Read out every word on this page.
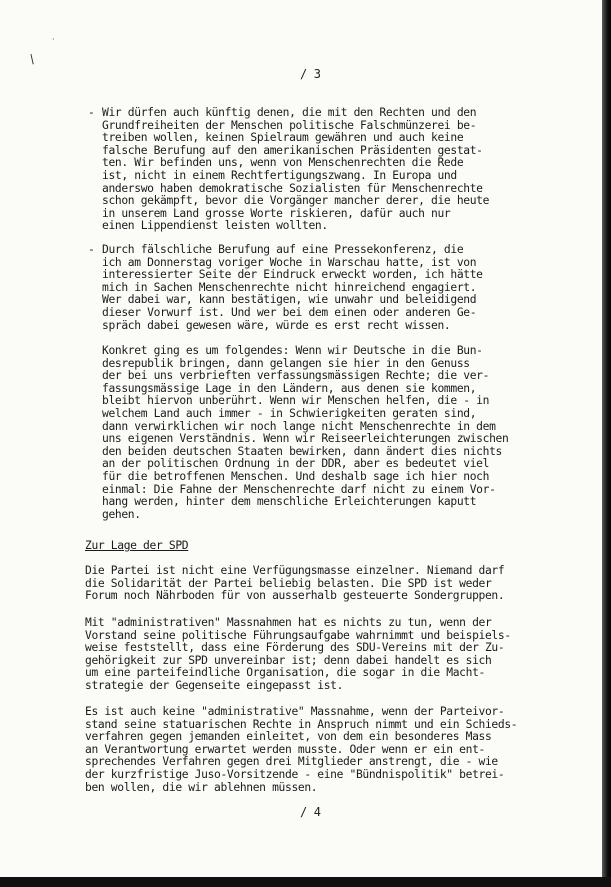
/
·
/ 3
- Wir dürfen auch künftig denen, die mit den Rechten und den
Grundfreiheiten der Menschen politische Falschmünzerei be-
treiben wollen, keinen Spielraum gewähren und auch keine
falsche Berufung auf den amerikanischen Präsidenten gestat-
ten. Wir befinden uns, wenn von Menschenrechten die Rede
ist, nicht in einem Rechtfertigungszwang. In Europa und
anderswo haben demokratische Sozialisten für Menschenrechte
schon gekämpft, bevor die Vorgänger mancher derer, die heute
in unserem Land grosse Worte riskieren, dafür auch nur
einen Lippendienst leisten wollten.
- Durch fälschliche Berufung auf eine Pressekonferenz, die
ich am Donnerstag voriger Woche in Warschau hatte, ist von
interessierter Seite der Eindruck erweckt worden, ich hätte
mich in Sachen Menschenrechte nicht hinreichend engagiert.
Wer dabei war, kann bestätigen, wie unwahr und beleidigend
dieser Vorwurf ist. Und wer bei dem einen oder anderen Ge-
spräch dabei gewesen wäre, würde es erst recht wissen.
Konkret ging es um folgendes: Wenn wir Deutsche in die Bun-
desrepublik bringen, dann gelangen sie hier in den Genuss
der bei uns verbrieften verfassungsmässigen Rechte; die ver-
fassungsmässige Lage in den Ländern, aus denen sie kommen,
bleibt hiervon unberührt. Wenn wir Menschen helfen, die - in
welchem Land auch immer - in Schwierigkeiten geraten sind,
dann verwirklichen wir noch lange nicht Menschenrechte in dem
uns eigenen Verständnis. Wenn wir Reiseerleichterungen zwischen
den beiden deutschen Staaten bewirken, dann ändert dies nichts
an der politischen Ordnung in der DDR, aber es bedeutet viel
für die betroffenen Menschen. Und deshalb sage ich hier noch
einmal: Die Fahne der Menschenrechte darf nicht zu einem Vor-
hang werden, hinter dem menschliche Erleichterungen kaputt
gehen.
Zur Lage der SPD
Die Partei ist nicht eine Verfügungsmasse einzelner. Niemand darf
die Solidarität der Partei beliebig belasten. Die SPD ist weder
Forum noch Nährboden für von ausserhalb gesteuerte Sondergruppen.
Mit "administrativen" Massnahmen hat es nichts zu tun, wenn der
Vorstand seine politische Führungsaufgabe wahrnimmt und beispiels-
weise feststellt, dass eine Förderung des SDU-Vereins mit der Zu-
gehörigkeit zur SPD unvereinbar ist; denn dabei handelt es sich
um eine parteifeindliche Organisation, die sogar in die Macht-
strategie der Gegenseite eingepasst ist.
Es ist auch keine "administrative" Massnahme, wenn der Parteivor-
stand seine statuarischen Rechte in Anspruch nimmt und ein Schieds-
verfahren gegen jemanden einleitet, von dem ein besonderes Mass
an Verantwortung erwartet werden musste. Oder wenn er ein ent-
sprechendes Verfahren gegen drei Mitglieder anstrengt, die - wie
der kurzfristige Juso-Vorsitzende - eine "Bündnispolitik" betrei-
ben wollen, die wir ablehnen müssen.
/ 4
